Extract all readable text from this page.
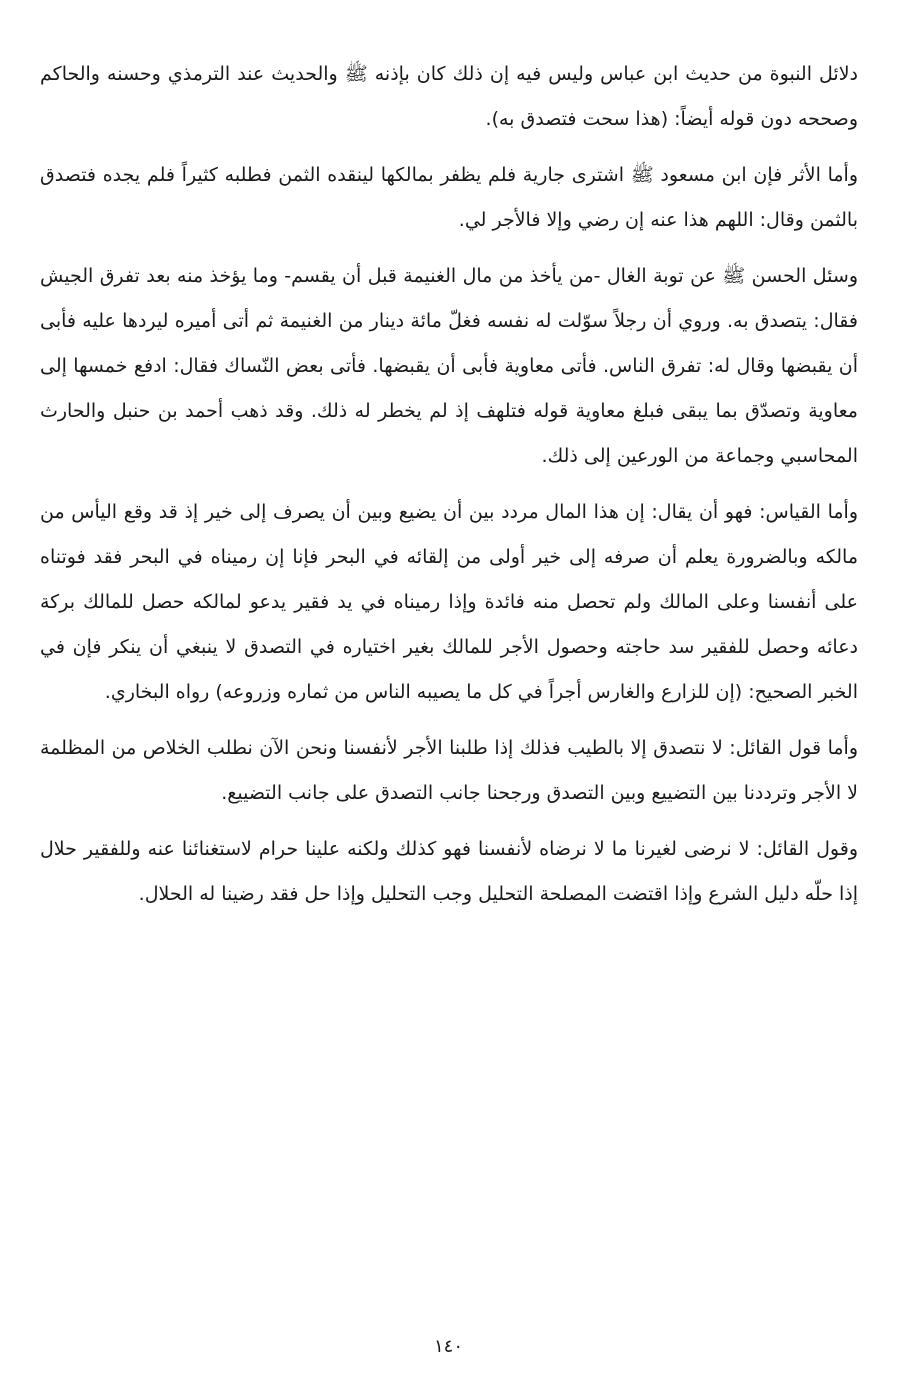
دلائل النبوة من حديث ابن عباس وليس فيه إن ذلك كان بإذنه ﷺ والحديث عند الترمذي وحسنه والحاكم وصححه دون قوله أيضاً: (هذا سحت فتصدق به).

وأما الأثر فإن ابن مسعود ﷺ اشترى جارية فلم يظفر بمالكها لينقده الثمن فطلبه كثيراً فلم يجده فتصدق بالثمن وقال: اللهم هذا عنه إن رضي وإلا فالأجر لي.

وسئل الحسن ﷺ عن توبة الغال -من يأخذ من مال الغنيمة قبل أن يقسم- وما يؤخذ منه بعد تفرق الجيش فقال: يتصدق به. وروي أن رجلاً سوّلت له نفسه فغلّ مائة دينار من الغنيمة ثم أتى أميره ليردها عليه فأبى أن يقبضها وقال له: تفرق الناس. فأتى معاوية فأبى أن يقبضها. فأتى بعض النّساك فقال: ادفع خمسها إلى معاوية وتصدّق بما يبقى فبلغ معاوية قوله فتلهف إذ لم يخطر له ذلك. وقد ذهب أحمد بن حنبل والحارث المحاسبي وجماعة من الورعين إلى ذلك.

وأما القياس: فهو أن يقال: إن هذا المال مردد بين أن يضيع وبين أن يصرف إلى خير إذ قد وقع اليأس من مالكه وبالضرورة يعلم أن صرفه إلى خير أولى من إلقائه في البحر فإنا إن رميناه في البحر فقد فوتناه على أنفسنا وعلى المالك ولم تحصل منه فائدة وإذا رميناه في يد فقير يدعو لمالكه حصل للمالك بركة دعائه وحصل للفقير سد حاجته وحصول الأجر للمالك بغير اختياره في التصدق لا ينبغي أن ينكر فإن في الخبر الصحيح: (إن للزارع والغارس أجراً في كل ما يصيبه الناس من ثماره وزروعه) رواه البخاري.

وأما قول القائل: لا نتصدق إلا بالطيب فذلك إذا طلبنا الأجر لأنفسنا ونحن الآن نطلب الخلاص من المظلمة لا الأجر وترددنا بين التضييع وبين التصدق ورجحنا جانب التصدق على جانب التضييع.

وقول القائل: لا نرضى لغيرنا ما لا نرضاه لأنفسنا فهو كذلك ولكنه علينا حرام لاستغنائنا عنه وللفقير حلال إذا حلّه دليل الشرع وإذا اقتضت المصلحة التحليل وجب التحليل وإذا حل فقد رضينا له الحلال.

١٤٠
